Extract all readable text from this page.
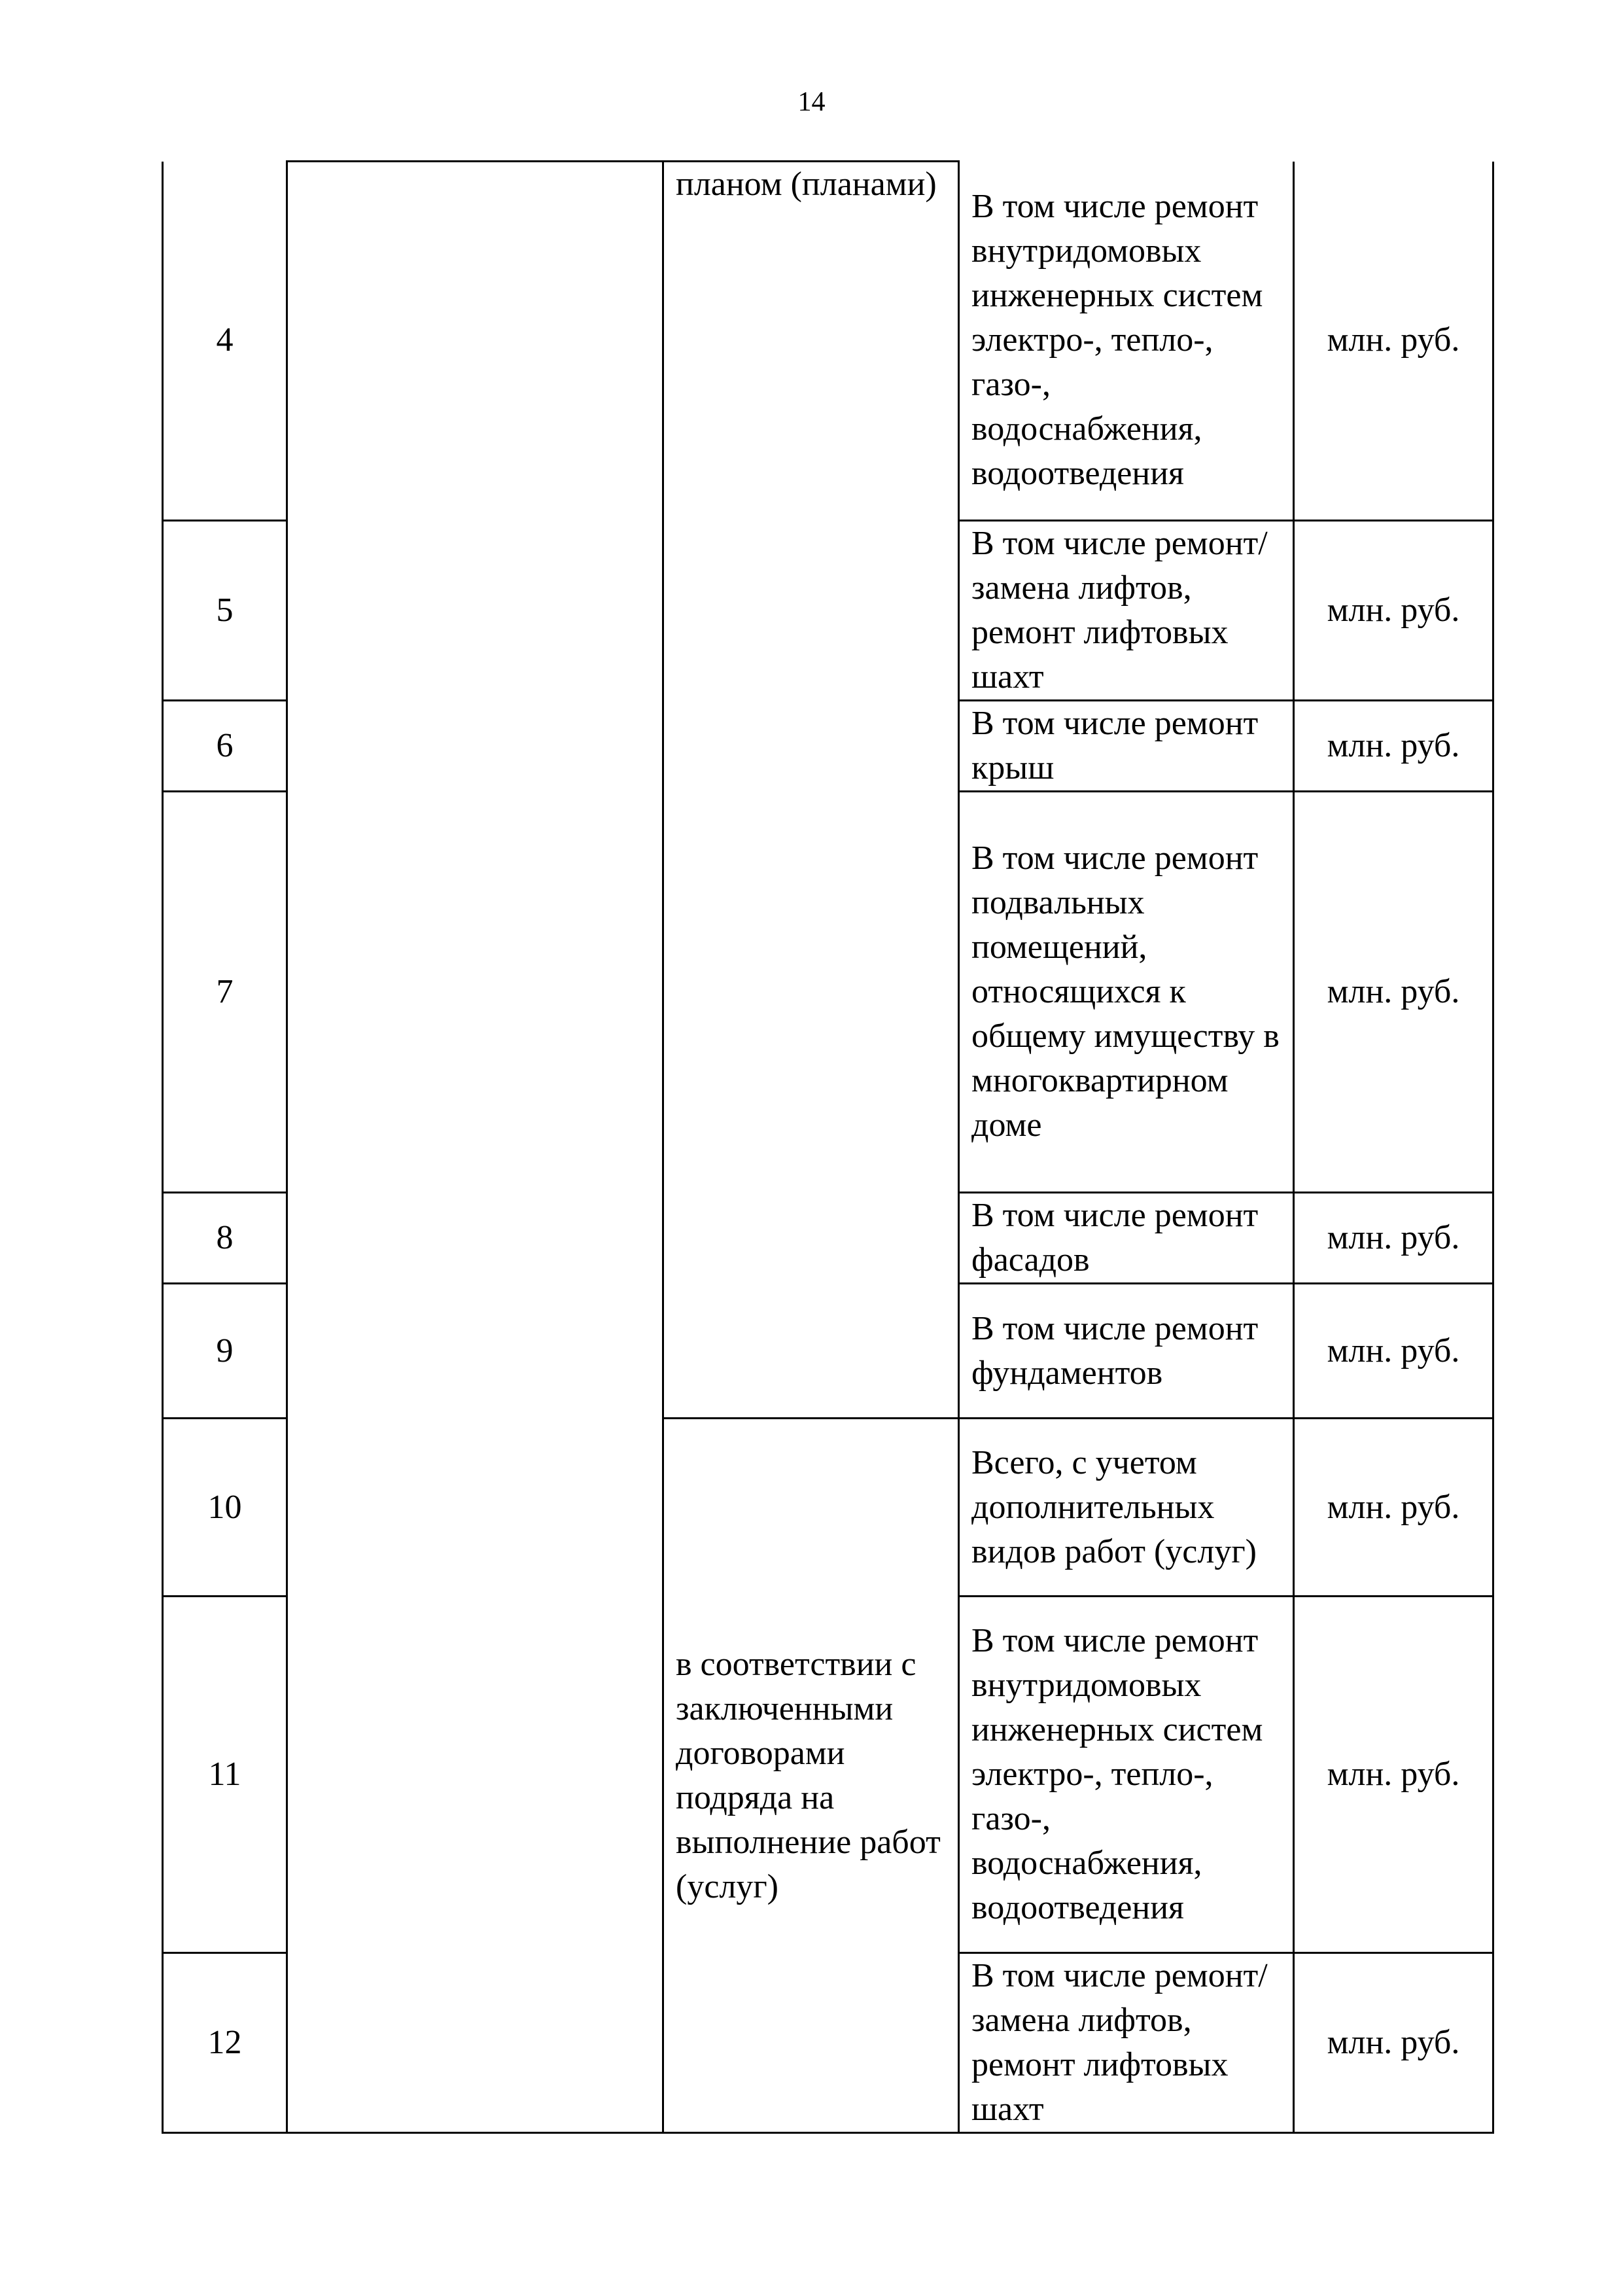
14
4		планом (планами)	В том числе ремонт внутридомовых инженерных систем электро-, тепло-, газо-, водоснабжения, водоотведения	млн. руб.
5			В том числе ремонт/замена лифтов, ремонт лифтовых шахт	млн. руб.
6			В том числе ремонт крыш	млн. руб.
7			В том числе ремонт подвальных помещений, относящихся к общему имуществу в многоквартирном доме	млн. руб.
8			В том числе ремонт фасадов	млн. руб.
9			В том числе ремонт фундаментов	млн. руб.
10		в соответствии с заключенными договорами подряда на выполнение работ (услуг)	Всего, с учетом дополнительных видов работ (услуг)	млн. руб.
11			В том числе ремонт внутридомовых инженерных систем электро-, тепло-, газо-, водоснабжения, водоотведения	млн. руб.
12			В том числе ремонт/замена лифтов, ремонт лифтовых шахт	млн. руб.
